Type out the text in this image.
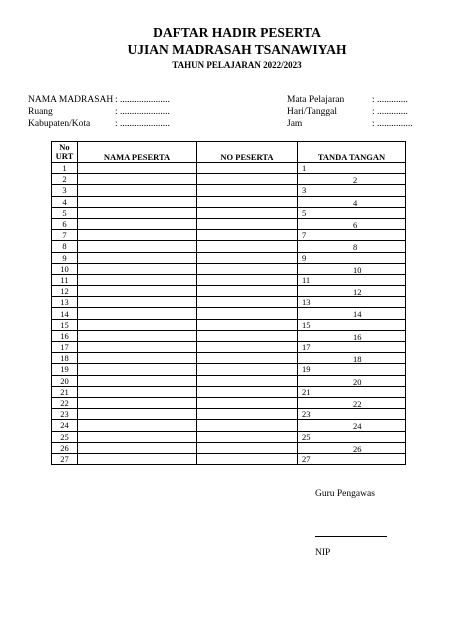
DAFTAR HADIR PESERTA
UJIAN MADRASAH TSANAWIYAH
TAHUN PELAJARAN 2022/2023
NAMA MADRASAH : .....................
Ruang	: .....................
Kabupaten/Kota	: .....................
Mata Pelajaran	: .............
Hari/Tanggal	: .............
Jam	: ...............
No
URT	NAMA PESERTA	NO PESERTA	TANDA TANGAN
1			1

2			2

3			3

4			4

5			5

6			6

7			7

8			8

9			9

10			10

11			11

12			12

13			13

14			14

15			15

16			16

17			17

18			18

19			19

20			20

21			21

22			22

23			23

24			24

25			25

26			26

27			27
Guru Pengawas
NIP
